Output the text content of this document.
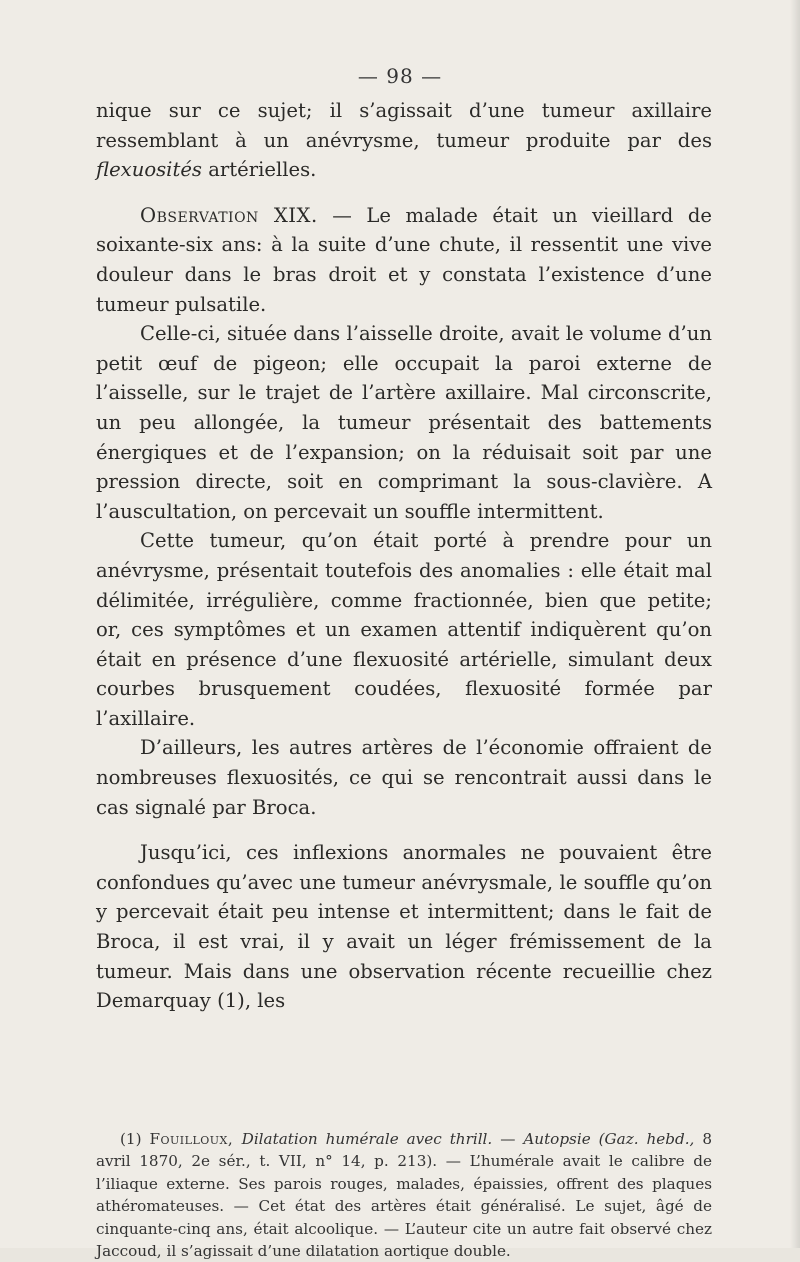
— 98 —

nique sur ce sujet; il s’agissait d’une tumeur axillaire ressemblant à un anévrysme, tumeur produite par des flexuosités artérielles.

Observation XIX. — Le malade était un vieillard de soixante-six ans: à la suite d’une chute, il ressentit une vive douleur dans le bras droit et y constata l’existence d’une tumeur pulsatile.

Celle-ci, située dans l’aisselle droite, avait le volume d’un petit œuf de pigeon; elle occupait la paroi externe de l’aisselle, sur le trajet de l’artère axillaire. Mal circonscrite, un peu allongée, la tumeur présentait des battements énergiques et de l’expansion; on la réduisait soit par une pression directe, soit en comprimant la sous-clavière. A l’auscultation, on percevait un souffle intermittent.

Cette tumeur, qu’on était porté à prendre pour un anévrysme, présentait toutefois des anomalies : elle était mal délimitée, irrégulière, comme fractionnée, bien que petite; or, ces symptômes et un examen attentif indiquèrent qu’on était en présence d’une flexuosité artérielle, simulant deux courbes brusquement coudées, flexuosité formée par l’axillaire.

D’ailleurs, les autres artères de l’économie offraient de nombreuses flexuosités, ce qui se rencontrait aussi dans le cas signalé par Broca.

Jusqu’ici, ces inflexions anormales ne pouvaient être confondues qu’avec une tumeur anévrysmale, le souffle qu’on y percevait était peu intense et intermittent; dans le fait de Broca, il est vrai, il y avait un léger frémissement de la tumeur. Mais dans une observation récente recueillie chez Demarquay (1), les

(1) Fouilloux, Dilatation humérale avec thrill. — Autopsie (Gaz. hebd., 8 avril 1870, 2e sér., t. VII, n° 14, p. 213). — L’humérale avait le calibre de l’iliaque externe. Ses parois rouges, malades, épaissies, offrent des plaques athéromateuses. — Cet état des artères était généralisé. Le sujet, âgé de cinquante-cinq ans, était alcoolique. — L’auteur cite un autre fait observé chez Jaccoud, il s’agissait d’une dilatation aortique double.
